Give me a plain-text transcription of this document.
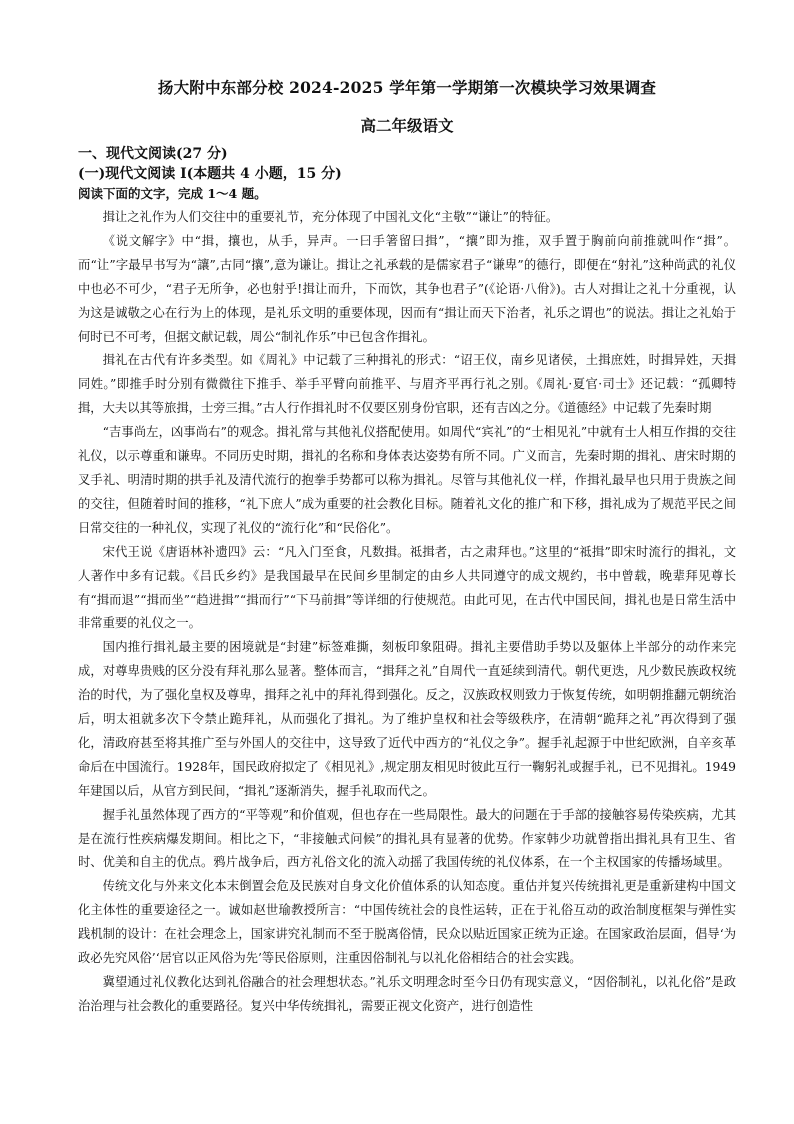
扬大附中东部分校 2024-2025 学年第一学期第一次模块学习效果调查
高二年级语文
一、现代文阅读(27 分)
(一)现代文阅读 I(本题共 4 小题，15 分)
阅读下面的文字，完成 1～4 题。

揖让之礼作为人们交往中的重要礼节，充分体现了中国礼文化“主敬”“谦让”的特征。

《说文解字》中“揖，攘也，从手，异声。一曰手箸留曰揖”，“攘”即为推，双手置于胸前向前推就叫作“揖”。而“让”字最早书写为“讓”,古同“攘”,意为谦让。揖让之礼承载的是儒家君子“谦卑”的德行，即便在“射礼”这种尚武的礼仪中也必不可少，“君子无所争，必也射乎!揖让而升，下而饮，其争也君子”(《论语·八佾》)。古人对揖让之礼十分重视，认为这是诚敬之心在行为上的体现，是礼乐文明的重要体现，因而有“揖让而天下治者，礼乐之谓也”的说法。揖让之礼始于何时已不可考，但据文献记载，周公“制礼作乐”中已包含作揖礼。

揖礼在古代有许多类型。如《周礼》中记载了三种揖礼的形式：“诏王仪，南乡见诸侯，土揖庶姓，时揖异姓，天揖同姓。”即推手时分别有微微往下推手、举手平臂向前推平、与眉齐平再行礼之别。《周礼·夏官·司士》还记载：“孤卿特揖，大夫以其等旅揖，士旁三揖。”古人行作揖礼时不仅要区别身份官职，还有吉凶之分。《道德经》中记载了先秦时期

“吉事尚左，凶事尚右”的观念。揖礼常与其他礼仪搭配使用。如周代“宾礼”的“士相见礼”中就有士人相互作揖的交往礼仪，以示尊重和谦卑。不同历史时期，揖礼的名称和身体表达姿势有所不同。广义而言，先秦时期的揖礼、唐宋时期的叉手礼、明清时期的拱手礼及清代流行的抱拳手势都可以称为揖礼。尽管与其他礼仪一样，作揖礼最早也只用于贵族之间的交往，但随着时间的推移，“礼下庶人”成为重要的社会教化目标。随着礼文化的推广和下移，揖礼成为了规范平民之间日常交往的一种礼仪，实现了礼仪的“流行化”和“民俗化”。

宋代王说《唐语林补遗四》云：“凡入门至食，凡数揖。祗揖者，古之肃拜也。”这里的“祗揖”即宋时流行的揖礼，文人著作中多有记载。《吕氏乡约》是我国最早在民间乡里制定的由乡人共同遵守的成文规约，书中曾载，晚辈拜见尊长有“揖而退”“揖而坐”“趋进揖”“揖而行”“下马前揖”等详细的行使规范。由此可见，在古代中国民间，揖礼也是日常生活中非常重要的礼仪之一。

国内推行揖礼最主要的困境就是“封建”标签难撕，刻板印象阻碍。揖礼主要借助手势以及躯体上半部分的动作来完成，对尊卑贵贱的区分没有拜礼那么显著。整体而言，“揖拜之礼”自周代一直延续到清代。朝代更迭，凡少数民族政权统治的时代，为了强化皇权及尊卑，揖拜之礼中的拜礼得到强化。反之，汉族政权则致力于恢复传统，如明朝推翻元朝统治后，明太祖就多次下令禁止跪拜礼，从而强化了揖礼。为了维护皇权和社会等级秩序，在清朝“跪拜之礼”再次得到了强化，清政府甚至将其推广至与外国人的交往中，这导致了近代中西方的“礼仪之争”。握手礼起源于中世纪欧洲，自辛亥革命后在中国流行。1928年，国民政府拟定了《相见礼》,规定朋友相见时彼此互行一鞠躬礼或握手礼，已不见揖礼。1949 年建国以后，从官方到民间，“揖礼”逐渐消失，握手礼取而代之。

握手礼虽然体现了西方的“平等观”和价值观，但也存在一些局限性。最大的问题在于手部的接触容易传染疾病，尤其是在流行性疾病爆发期间。相比之下，“非接触式问候”的揖礼具有显著的优势。作家韩少功就曾指出揖礼具有卫生、省时、优美和自主的优点。鸦片战争后，西方礼俗文化的流入动摇了我国传统的礼仪体系，在一个主权国家的传播场域里。

传统文化与外来文化本末倒置会危及民族对自身文化价值体系的认知态度。重估并复兴传统揖礼更是重新建构中国文化主体性的重要途径之一。诚如赵世瑜教授所言：“中国传统社会的良性运转，正在于礼俗互动的政治制度框架与弹性实践机制的设计：在社会理念上，国家讲究礼制而不至于脱离俗情，民众以贴近国家正统为正途。在国家政治层面，倡导‘为政必先究风俗’‘居官以正风俗为先’等民俗原则，注重因俗制礼与以礼化俗相结合的社会实践。

冀望通过礼仪教化达到礼俗融合的社会理想状态。”礼乐文明理念时至今日仍有现实意义，“因俗制礼，以礼化俗”是政治治理与社会教化的重要路径。复兴中华传统揖礼，需要正视文化资产，进行创造性
